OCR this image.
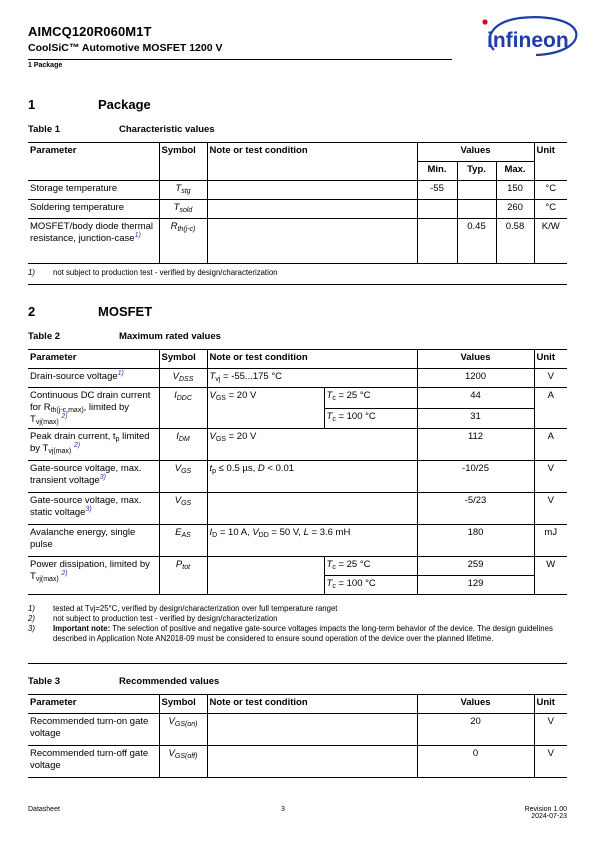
AIMCQ120R060M1T
CoolSiC™ Automotive MOSFET 1200 V
1 Package
infineon
1	Package
Table 1	Characteristic values
Parameter	Symbol	Note or test condition	Values			Unit
			Min.	Typ.	Max.	
Storage temperature	$T_{stg}$		-55		150	°C
Soldering temperature	$T_{sold}$				260	°C
MOSFET/body diode thermal resistance, junction-case$^{1)}$	$R_{th(j-c)}$			0.45	0.58	K/W
1)	not subject to production test - verified by design/characterization
2	MOSFET
Table 2	Maximum rated values
Parameter	Symbol	Note or test condition		Values	Unit
Drain-source voltage$^{1)}$	$V_{DSS}$	$T_{vj} = -55...175$ °C		1200	V
Continuous DC drain current for $R_{th(j-c,max)}$, limited by $T_{vj(max)}$ $^{2)}$	$I_{DDC}$	$V_{GS} = 20$ V	$T_c = 25$ °C	44	A
			$T_c = 100$ °C	31	
Peak drain current, $t_p$ limited by $T_{vj(max)}$ $^{2)}$	$I_{DM}$	$V_{GS} = 20$ V		112	A
Gate-source voltage, max. transient voltage$^{3)}$	$V_{GS}$	$t_p \le 0.5$ µs, D < 0.01		-10/25	V
Gate-source voltage, max. static voltage$^{3)}$	$V_{GS}$			-5/23	V
Avalanche energy, single pulse	$E_{AS}$	$I_D = 10$ A, $V_{DD} = 50$ V, L = 3.6 mH		180	mJ
Power dissipation, limited by $T_{vj(max)}$ $^{2)}$	$P_{tot}$		$T_c = 25$ °C	259	W
			$T_c = 100$ °C	129	
1)	tested at Tvj=25°C, verified by design/characterization over full temperature ranget
2)	not subject to production test - verified by design/characterization
3)	Important note: The selection of positive and negative gate-source voltages impacts the long-term behavior of the device. The design guidelines described in Application Note AN2018-09 must be considered to ensure sound operation of the device over the planned lifetime.
Table 3	Recommended values
Parameter	Symbol	Note or test condition	Values	Unit
Recommended turn-on gate voltage	$V_{GS(on)}$		20	V
Recommended turn-off gate voltage	$V_{GS(off)}$		0	V
Datasheet	3	Revision 1.00
2024-07-23
